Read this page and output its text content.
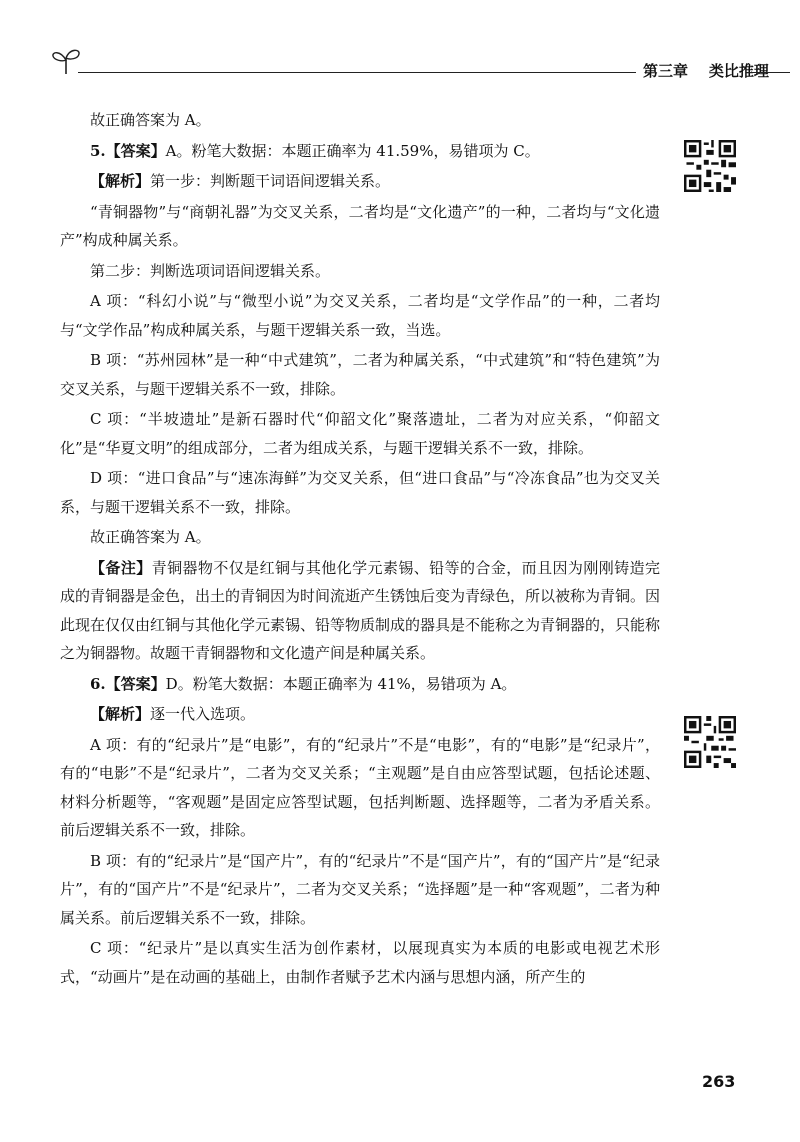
第三章    类比推理

故正确答案为 A。

5.【答案】A。粉笔大数据：本题正确率为 41.59%，易错项为 C。

【解析】第一步：判断题干词语间逻辑关系。

“青铜器物”与“商朝礼器”为交叉关系，二者均是“文化遗产”的一种，二者均与“文化遗产”构成种属关系。

第二步：判断选项词语间逻辑关系。

A 项：“科幻小说”与“微型小说”为交叉关系，二者均是“文学作品”的一种，二者均与“文学作品”构成种属关系，与题干逻辑关系一致，当选。

B 项：“苏州园林”是一种“中式建筑”，二者为种属关系，“中式建筑”和“特色建筑”为交叉关系，与题干逻辑关系不一致，排除。

C 项：“半坡遗址”是新石器时代“仰韶文化”聚落遗址，二者为对应关系，“仰韶文化”是“华夏文明”的组成部分，二者为组成关系，与题干逻辑关系不一致，排除。

D 项：“进口食品”与“速冻海鲜”为交叉关系，但“进口食品”与“冷冻食品”也为交叉关系，与题干逻辑关系不一致，排除。

故正确答案为 A。

【备注】青铜器物不仅是红铜与其他化学元素锡、铅等的合金，而且因为刚刚铸造完成的青铜器是金色，出土的青铜因为时间流逝产生锈蚀后变为青绿色，所以被称为青铜。因此现在仅仅由红铜与其他化学元素锡、铅等物质制成的器具是不能称之为青铜器的，只能称之为铜器物。故题干青铜器物和文化遗产间是种属关系。

6.【答案】D。粉笔大数据：本题正确率为 41%，易错项为 A。

【解析】逐一代入选项。

A 项：有的“纪录片”是“电影”，有的“纪录片”不是“电影”，有的“电影”是“纪录片”，有的“电影”不是“纪录片”，二者为交叉关系；“主观题”是自由应答型试题，包括论述题、材料分析题等，“客观题”是固定应答型试题，包括判断题、选择题等，二者为矛盾关系。前后逻辑关系不一致，排除。

B 项：有的“纪录片”是“国产片”，有的“纪录片”不是“国产片”，有的“国产片”是“纪录片”，有的“国产片”不是“纪录片”，二者为交叉关系；“选择题”是一种“客观题”，二者为种属关系。前后逻辑关系不一致，排除。

C 项：“纪录片”是以真实生活为创作素材，以展现真实为本质的电影或电视艺术形式，“动画片”是在动画的基础上，由制作者赋予艺术内涵与思想内涵，所产生的

263
